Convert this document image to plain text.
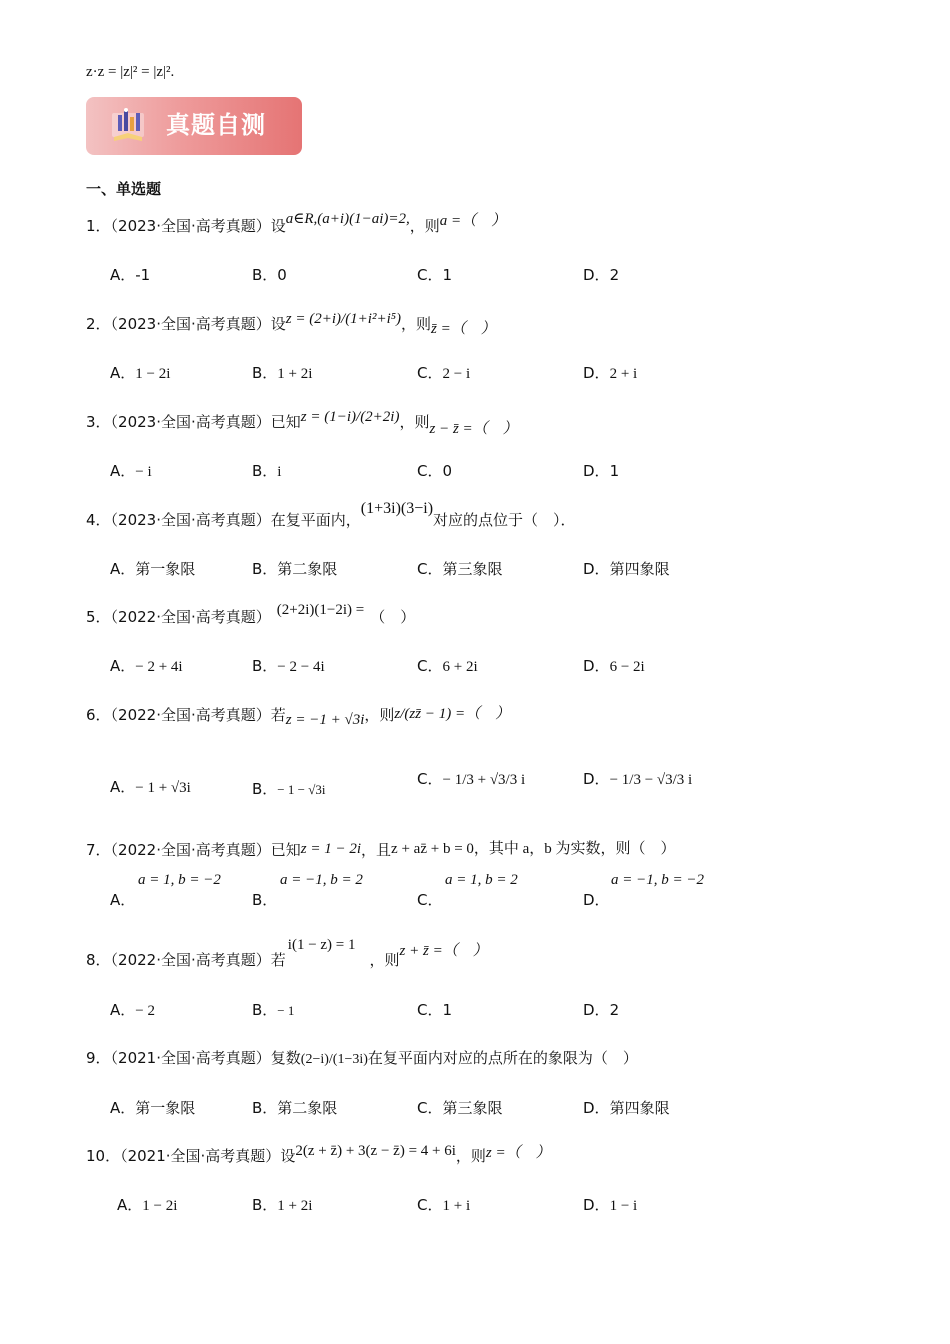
z·z = |z|² = |z|².
真题自测
一、单选题
1．（2023·全国·高考真题）设a∈R,(a+i)(1−ai)=2,，则a =（　）
A．-1	B．0	C．1	D．2
2．（2023·全国·高考真题）设z = (2+i)/(1+i²+i⁵)，则z̄ =（　）
A．1 − 2i	B．1 + 2i	C．2 − i	D．2 + i
3．（2023·全国·高考真题）已知z = (1−i)/(2+2i)，则z − z̄ =（　）
A．− i	B．i	C．0	D．1
4．（2023·全国·高考真题）在复平面内，(1+3i)(3−i)对应的点位于（　）．
A．第一象限	B．第二象限	C．第三象限	D．第四象限
5．（2022·全国·高考真题） (2+2i)(1−2i) = （　）
A．− 2 + 4i	B．− 2 − 4i	C．6 + 2i	D．6 − 2i
6．（2022·全国·高考真题）若z = −1 + √3i，则z/(zz̄ − 1) =（　）
A．− 1 + √3i	B．− 1 − √3i
C．− 1/3 + √3/3 i	D．− 1/3 − √3/3 i
7．（2022·全国·高考真题）已知z = 1 − 2i，且z + az̄ + b = 0，其中 a，b 为实数，则（　）
a = 1, b = −2
A．
a = −1, b = 2
B．
a = 1, b = 2
C．
a = −1, b = −2
D．
8．（2022·全国·高考真题）若i(1 − z) = 1，则z + z̄ =（　）
A．− 2	B．− 1	C．1	D．2
9．（2021·全国·高考真题）复数(2−i)/(1−3i)在复平面内对应的点所在的象限为（　）
A．第一象限	B．第二象限	C．第三象限	D．第四象限
10．（2021·全国·高考真题）设2(z + z̄) + 3(z − z̄) = 4 + 6i，则z =（　）
A．1 − 2i	B．1 + 2i	C．1 + i	D．1 − i
